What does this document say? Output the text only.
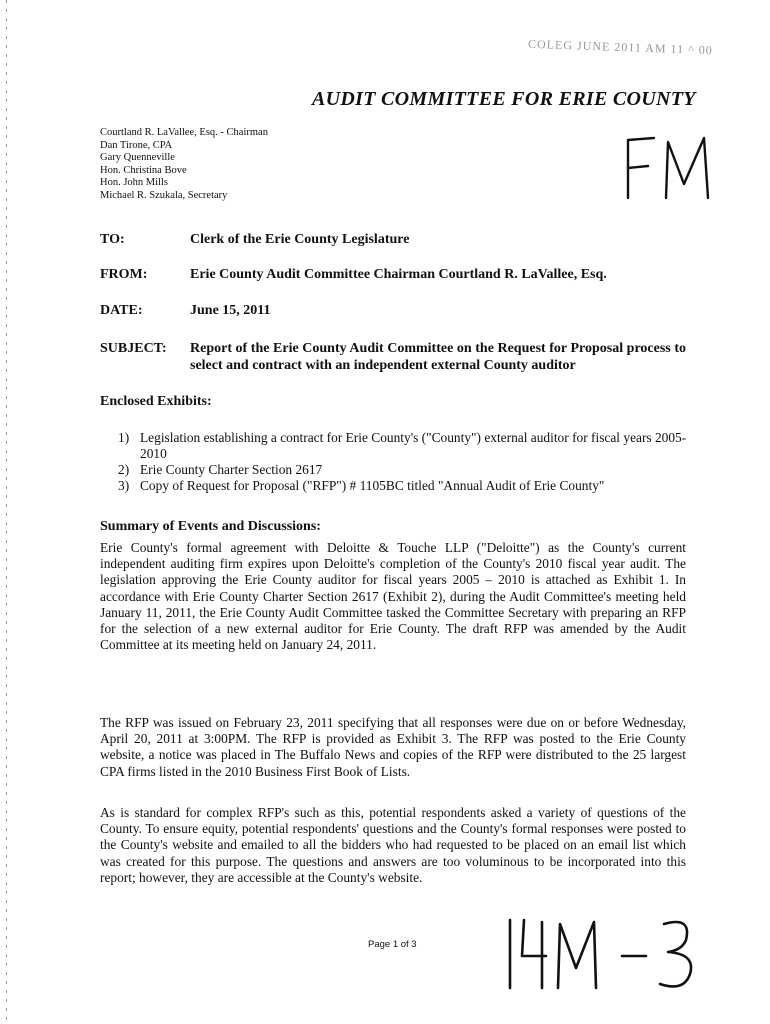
COLEG JUNE 2011 AM 11 ^ 00
AUDIT COMMITTEE FOR ERIE COUNTY
Courtland R. LaVallee, Esq. - Chairman
Dan Tirone, CPA
Gary Quenneville
Hon. Christina Bove
Hon. John Mills
Michael R. Szukala, Secretary
TO:	Clerk of the Erie County Legislature
FROM:	Erie County Audit Committee Chairman Courtland R. LaVallee, Esq.
DATE:	June 15, 2011
SUBJECT: Report of the Erie County Audit Committee on the Request for Proposal process to select and contract with an independent external County auditor
Enclosed Exhibits:
1) Legislation establishing a contract for Erie County's ("County") external auditor for fiscal years 2005-2010
2) Erie County Charter Section 2617
3) Copy of Request for Proposal ("RFP") # 1105BC titled "Annual Audit of Erie County"
Summary of Events and Discussions:

Erie County's formal agreement with Deloitte & Touche LLP ("Deloitte") as the County's current independent auditing firm expires upon Deloitte's completion of the County's 2010 fiscal year audit. The legislation approving the Erie County auditor for fiscal years 2005 – 2010 is attached as Exhibit 1. In accordance with Erie County Charter Section 2617 (Exhibit 2), during the Audit Committee's meeting held January 11, 2011, the Erie County Audit Committee tasked the Committee Secretary with preparing an RFP for the selection of a new external auditor for Erie County. The draft RFP was amended by the Audit Committee at its meeting held on January 24, 2011.

The RFP was issued on February 23, 2011 specifying that all responses were due on or before Wednesday, April 20, 2011 at 3:00PM. The RFP is provided as Exhibit 3. The RFP was posted to the Erie County website, a notice was placed in The Buffalo News and copies of the RFP were distributed to the 25 largest CPA firms listed in the 2010 Business First Book of Lists.

As is standard for complex RFP's such as this, potential respondents asked a variety of questions of the County. To ensure equity, potential respondents' questions and the County's formal responses were posted to the County's website and emailed to all the bidders who had requested to be placed on an email list which was created for this purpose. The questions and answers are too voluminous to be incorporated into this report; however, they are accessible at the County's website.

Page 1 of 3
